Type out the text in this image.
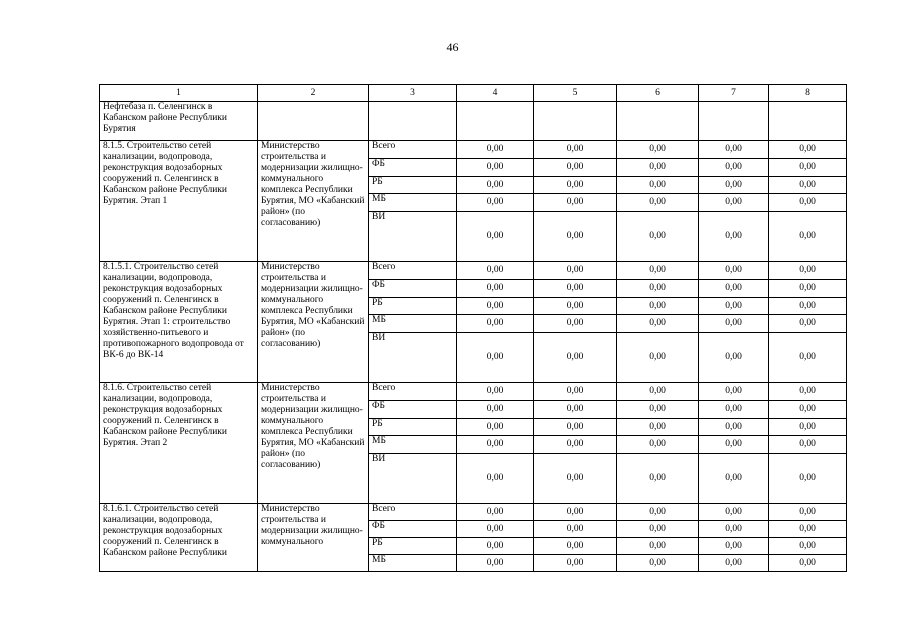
46
1	2	3	4	5	6	7	8
Нефтебаза п. Селенгинск в Кабанском районе Республики Бурятия							
8.1.5. Строительство сетей канализации, водопровода, реконструкция водозаборных сооружений п. Селенгинск в Кабанском районе Республики Бурятия. Этап 1	Министерство строительства и модернизации жилищно-коммунального комплекса Республики Бурятия, МО «Кабанский район» (по согласованию)	Всего	0,00	0,00	0,00	0,00	0,00
		ФБ	0,00	0,00	0,00	0,00	0,00
		РБ	0,00	0,00	0,00	0,00	0,00
		МБ	0,00	0,00	0,00	0,00	0,00
		ВИ	0,00	0,00	0,00	0,00	0,00
8.1.5.1. Строительство сетей канализации, водопровода, реконструкция водозаборных сооружений п. Селенгинск в Кабанском районе Республики Бурятия. Этап 1: строительство хозяйственно-питьевого и противопожарного водопровода от ВК-6 до ВК-14	Министерство строительства и модернизации жилищно-коммунального комплекса Республики Бурятия, МО «Кабанский район» (по согласованию)	Всего	0,00	0,00	0,00	0,00	0,00
		ФБ	0,00	0,00	0,00	0,00	0,00
		РБ	0,00	0,00	0,00	0,00	0,00
		МБ	0,00	0,00	0,00	0,00	0,00
		ВИ	0,00	0,00	0,00	0,00	0,00
8.1.6. Строительство сетей канализации, водопровода, реконструкция водозаборных сооружений п. Селенгинск в Кабанском районе Республики Бурятия. Этап 2	Министерство строительства и модернизации жилищно-коммунального комплекса Республики Бурятия, МО «Кабанский район» (по согласованию)	Всего	0,00	0,00	0,00	0,00	0,00
		ФБ	0,00	0,00	0,00	0,00	0,00
		РБ	0,00	0,00	0,00	0,00	0,00
		МБ	0,00	0,00	0,00	0,00	0,00
		ВИ	0,00	0,00	0,00	0,00	0,00
8.1.6.1. Строительство сетей канализации, водопровода, реконструкция водозаборных сооружений п. Селенгинск в Кабанском районе Республики	Министерство строительства и модернизации жилищно-коммунального	Всего	0,00	0,00	0,00	0,00	0,00
		ФБ	0,00	0,00	0,00	0,00	0,00
		РБ	0,00	0,00	0,00	0,00	0,00
		МБ	0,00	0,00	0,00	0,00	0,00
